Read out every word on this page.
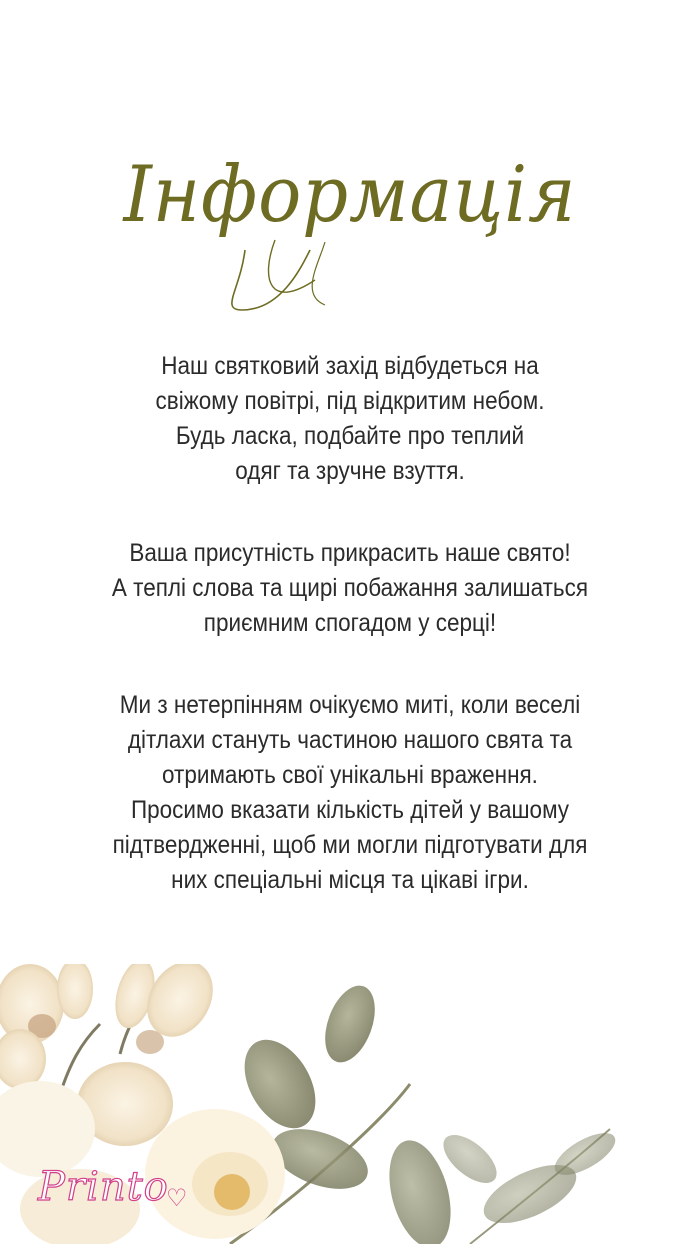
Інформація
Наш святковий захід відбудеться на
свіжому повітрі, під відкритим небом.
Будь ласка, подбайте про теплий
одяг та зручне взуття.
Ваша присутність прикрасить наше свято!
А теплі слова та щирі побажання залишаться
приємним спогадом у серці!
Ми з нетерпінням очікуємо миті, коли веселі
дітлахи стануть частиною нашого свята та
отримають свої унікальні враження.
Просимо вказати кількість дітей у вашому
підтвердженні, щоб ми могли підготувати для
них спеціальні місця та цікаві ігри.
Printo
♡
